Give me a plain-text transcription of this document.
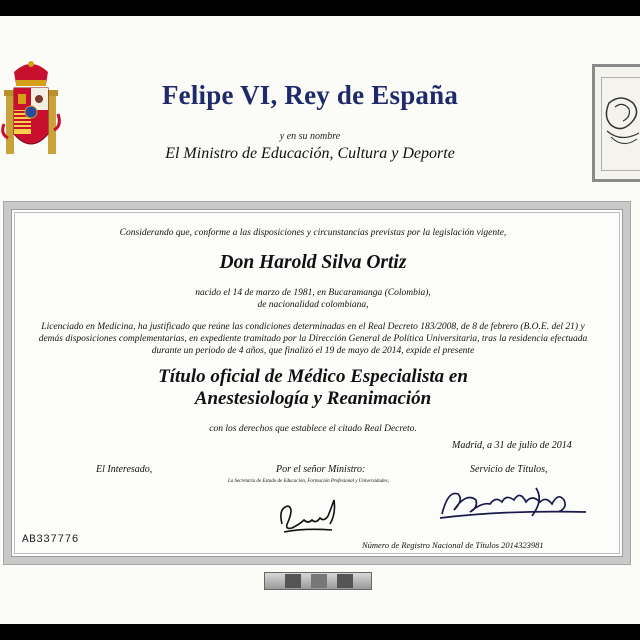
Felipe VI, Rey de España
y en su nombre
El Ministro de Educación, Cultura y Deporte
Considerando que, conforme a las disposiciones y circunstancias previstas por la legislación vigente,
Don Harold Silva Ortiz
nacido el 14 de marzo de 1981, en Bucaramanga (Colombia),
de nacionalidad colombiana,
Licenciado en Medicina, ha justificado que reúne las condiciones determinadas en el Real Decreto 183/2008, de 8 de febrero (B.O.E. del 21) y
demás disposiciones complementarias, en expediente tramitado por la Dirección General de Política Universitaria, tras la residencia efectuada
durante un periodo de 4 años, que finalizó el 19 de mayo de 2014, expide el presente
Título oficial de Médico Especialista en
Anestesiología y Reanimación
con los derechos que establece el citado Real Decreto.
Madrid, a 31 de julio de 2014
El Interesado,	Por el señor Ministro:
La Secretaria de Estado de Educación, Formación Profesional y Universidades,
Servicio de Títulos,
AB337776	Número de Registro Nacional de Títulos 2014323981
